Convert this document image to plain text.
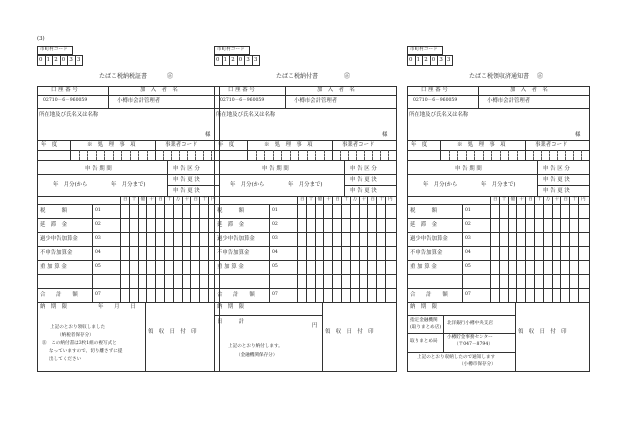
(3)
市町村コード
0 1 2 0 3 3
たばこ税納税証書	㊣
口 座 番 号	加　入　者　名
02710－6－960059	小樽市会計管理者
所在地及び氏名又は名称
様
年　度	※　処　理　事　項	事業者コード
申 告 期 間	申 告 区 分
年　月分(から	年　月分まで)
申 告 更 決
申 告 更 決
百 十 億 千 百 十 万 千 百 十 円
税　　　額	01
延　滞　金	02
過少申告加算金	03
不申告加算金	04
重 加 算 金	05
合　　計　　額	07
納　期　限
領　収　日　付　印
年　　月　　日
上記のとおり領収しました
（納税者保存分）
㊟　この納付書は3枚1組の複写式と
なっていますので、切り離さずに提
出してください
市町村コード
0 1 2 0 3 3
たばこ税納付書	㊣
口 座 番 号	加　入　者　名
02710－6－960059	小樽市会計管理者
所在地及び氏名又は名称
様
年　度	※　処　理　事　項	事業者コード
申 告 期 間	申 告 区 分
年　月分(から	年　月分まで)
申 告 更 決
申 告 更 決
百 十 億 千 百 十 万 千 百 十 円
税　　　額	01
延　滞　金	02
過少申告加算金	03
不申告加算金	04
重 加 算 金	05
合　　計　　額	07
納　期　限
領　収　日　付　印
日　　　計
円
上記のとおり納付します。
（金融機関保存分）
市町村コード
0 1 2 0 3 3
たばこ税領収済通知書 ㊣
口 座 番 号	加　入　者　名
02710－6－960059	小樽市会計管理者
所在地及び氏名又は名称
様
年　度	※　処　理　事　項	事業者コード
申 告 期 間	申 告 区 分
年　月分(から	年　月分まで)
申 告 更 決
申 告 更 決
百 十 億 千 百 十 万 千 百 十 円
税　　　額	01
延　滞　金	02
過少申告加算金	03
不申告加算金	04
重 加 算 金	05
合　　計　　額	07
納　期　限
領　収　日　付　印
指定金融機関
(取りまとめ店)
北洋銀行小樽中央支店
取りまとめ局
小樽貯金事務センター
（〒047－8794）
上記のとおり収納したので通知します
（小樽市保存分）
